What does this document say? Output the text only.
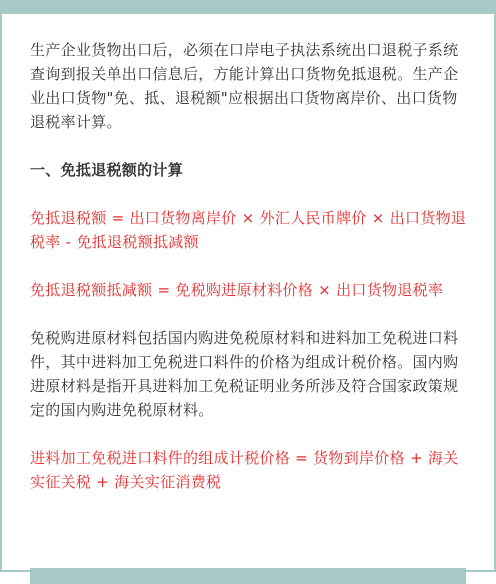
生产企业货物出口后，必须在口岸电子执法系统出口退税子系统查询到报关单出口信息后，方能计算出口货物免抵退税。生产企业出口货物"免、抵、退税额"应根据出口货物离岸价、出口货物退税率计算。

一、免抵退税额的计算

免抵退税额 = 出口货物离岸价 × 外汇人民币牌价 × 出口货物退税率 - 免抵退税额抵减额

免抵退税额抵减额 = 免税购进原材料价格 × 出口货物退税率

免税购进原材料包括国内购进免税原材料和进料加工免税进口料件，其中进料加工免税进口料件的价格为组成计税价格。国内购进原材料是指开具进料加工免税证明业务所涉及符合国家政策规定的国内购进免税原材料。

进料加工免税进口料件的组成计税价格 = 货物到岸价格 + 海关实征关税 + 海关实征消费税
